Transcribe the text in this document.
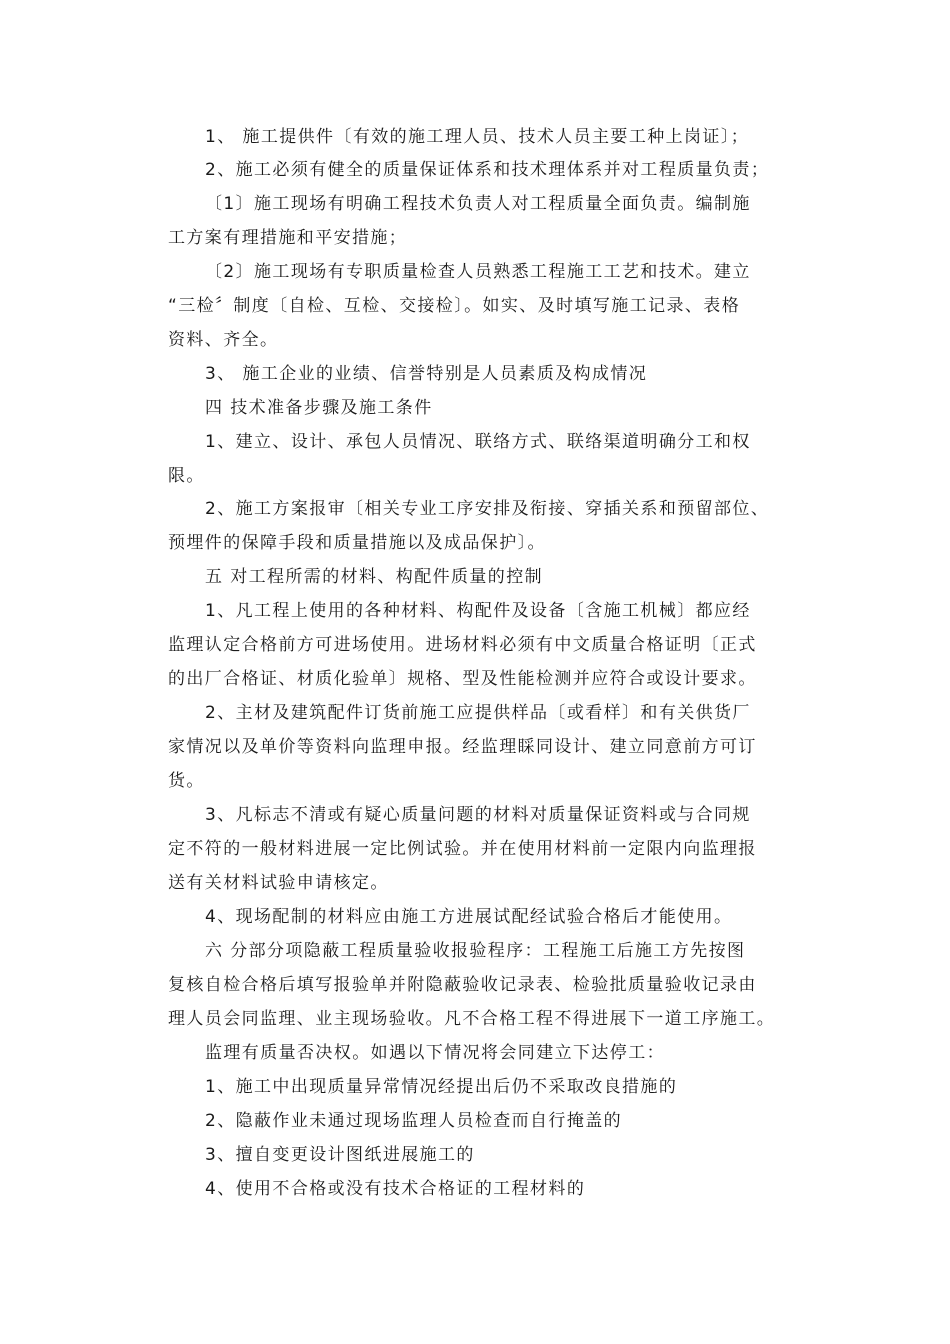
1、 施工提供件〔有效的施工理人员、技术人员主要工种上岗证〕；
2、施工必须有健全的质量保证体系和技术理体系并对工程质量负责；
〔1〕施工现场有明确工程技术负责人对工程质量全面负责。编制施
工方案有理措施和平安措施；
〔2〕施工现场有专职质量检查人员熟悉工程施工工艺和技术。建立
“三检〞制度〔自检、互检、交接检〕。如实、及时填写施工记录、表格
资料、齐全。
3、 施工企业的业绩、信誉特别是人员素质及构成情况
四 技术准备步骤及施工条件
1、建立、设计、承包人员情况、联络方式、联络渠道明确分工和权
限。
2、施工方案报审〔相关专业工序安排及衔接、穿插关系和预留部位、
预埋件的保障手段和质量措施以及成品保护〕。
五 对工程所需的材料、构配件质量的控制
1、凡工程上使用的各种材料、构配件及设备〔含施工机械〕都应经
监理认定合格前方可进场使用。进场材料必须有中文质量合格证明〔正式
的出厂合格证、材质化验单〕规格、型及性能检测并应符合或设计要求。
2、主材及建筑配件订货前施工应提供样品〔或看样〕和有关供货厂
家情况以及单价等资料向监理申报。经监理睬同设计、建立同意前方可订
货。
3、凡标志不清或有疑心质量问题的材料对质量保证资料或与合同规
定不符的一般材料进展一定比例试验。并在使用材料前一定限内向监理报
送有关材料试验申请核定。
4、现场配制的材料应由施工方进展试配经试验合格后才能使用。
六 分部分项隐蔽工程质量验收报验程序：工程施工后施工方先按图
复核自检合格后填写报验单并附隐蔽验收记录表、检验批质量验收记录由
理人员会同监理、业主现场验收。凡不合格工程不得进展下一道工序施工。
监理有质量否决权。如遇以下情况将会同建立下达停工：
1、施工中出现质量异常情况经提出后仍不采取改良措施的
2、隐蔽作业未通过现场监理人员检查而自行掩盖的
3、擅自变更设计图纸进展施工的
4、使用不合格或没有技术合格证的工程材料的
